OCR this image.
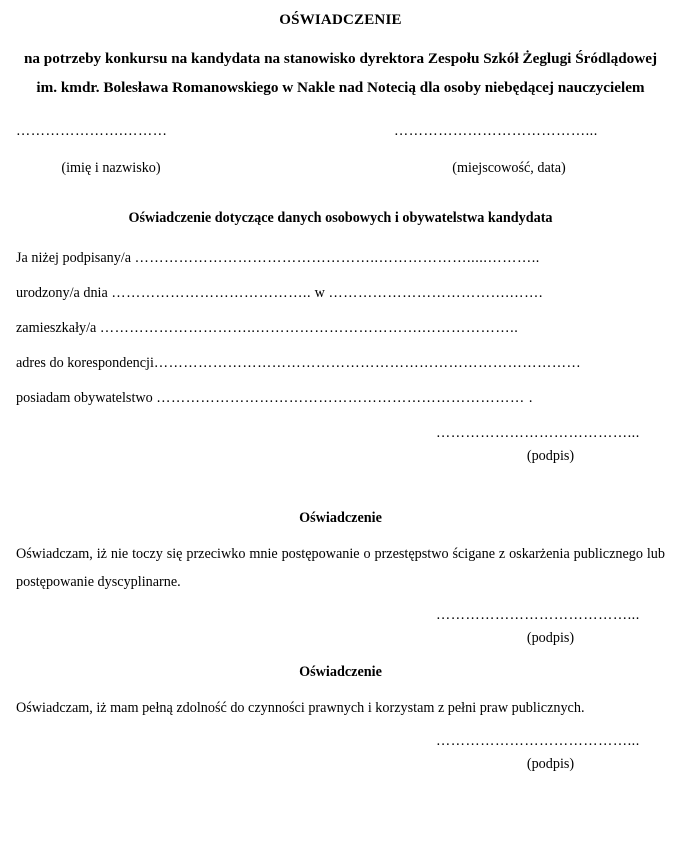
OŚWIADCZENIE
na potrzeby konkursu na kandydata na stanowisko dyrektora Zespołu Szkół Żeglugi Śródlądowej im. kmdr. Bolesława Romanowskiego w Nakle nad Notecią dla osoby niebędącej nauczycielem
………………….………
(imię i nazwisko)
…………………………………...
(miejscowość, data)
Oświadczenie dotyczące danych osobowych i obywatelstwa kandydata
Ja niżej podpisany/a …………………………………………..……………….....………..
urodzony/a dnia ………………………………….. w ……………………………….…….
zamieszkały/a …………………………..…………………………….………………..
adres do korespondencji……………………………………………………………………………
posiadam obywatelstwo ………………………………………………………………… .
…………………………………...
(podpis)
Oświadczenie

Oświadczam, iż nie toczy się przeciwko mnie postępowanie o przestępstwo ścigane z oskarżenia publicznego lub postępowanie dyscyplinarne.

…………………………………...
(podpis)
Oświadczenie

Oświadczam, iż mam pełną zdolność do czynności prawnych i korzystam z pełni praw publicznych.

…………………………………...
(podpis)
